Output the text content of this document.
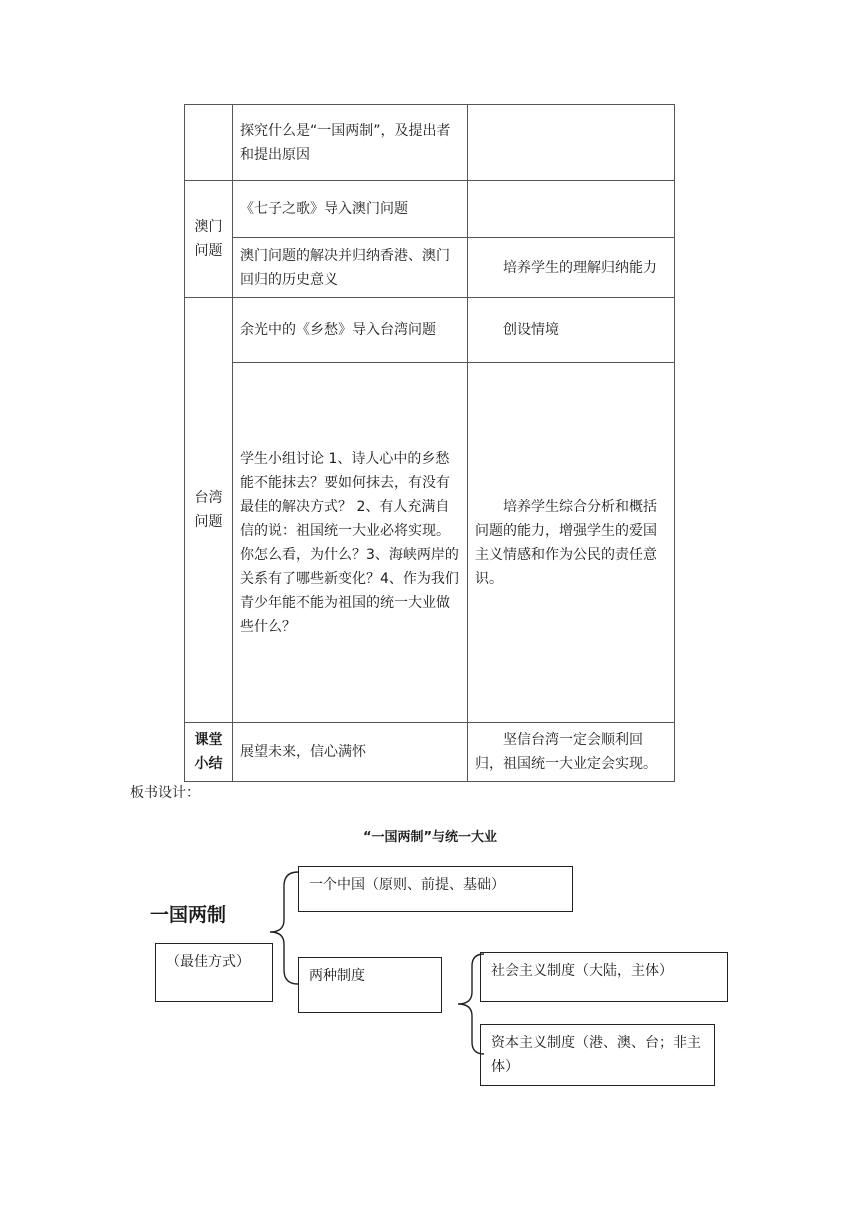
	探究什么是“一国两制”，及提出者和提出原因	
澳门问题	《七子之歌》导入澳门问题	
	澳门问题的解决并归纳香港、澳门回归的历史意义	培养学生的理解归纳能力
台湾问题	余光中的《乡愁》导入台湾问题	创设情境
	学生小组讨论 1、诗人心中的乡愁能不能抹去？要如何抹去，有没有最佳的解决方式？ 2、有人充满自信的说：祖国统一大业必将实现。你怎么看，为什么？3、海峡两岸的关系有了哪些新变化？4、作为我们青少年能不能为祖国的统一大业做些什么？	培养学生综合分析和概括问题的能力，增强学生的爱国主义情感和作为公民的责任意识。
课堂小结	展望未来，信心满怀	坚信台湾一定会顺利回归，祖国统一大业定会实现。
板书设计：
“一国两制”与统一大业
一国两制
（最佳方式）
一个中国（原则、前提、基础）
两种制度	社会主义制度（大陆，主体）
资本主义制度（港、澳、台；非主体）
